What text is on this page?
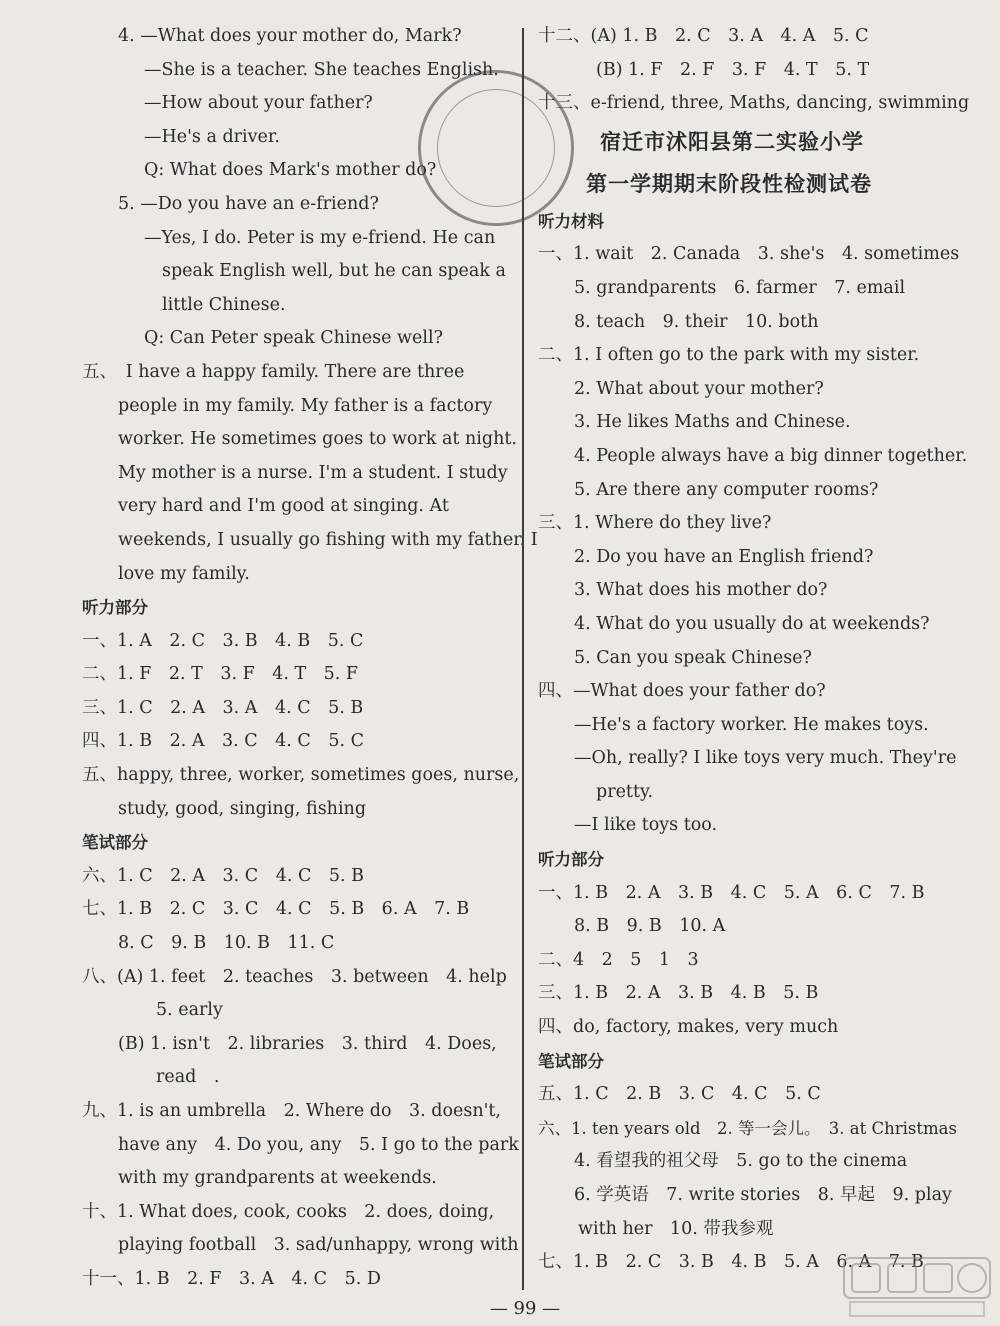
4. —What does your mother do, Mark?
—She is a teacher. She teaches English.
—How about your father?
—He's a driver.
Q: What does Mark's mother do?
5. —Do you have an e-friend?
—Yes, I do. Peter is my e-friend. He can
speak English well, but he can speak a
little Chinese.
Q: Can Peter speak Chinese well?
五、　I have a happy family. There are three
people in my family. My father is a factory
worker. He sometimes goes to work at night.
My mother is a nurse. I'm a student. I study
very hard and I'm good at singing. At
weekends, I usually go fishing with my father. I
love my family.
听力部分
一、1. A　2. C　3. B　4. B　5. C
二、1. F　2. T　3. F　4. T　5. F
三、1. C　2. A　3. A　4. C　5. B
四、1. B　2. A　3. C　4. C　5. C
五、happy, three, worker, sometimes goes, nurse,
study, good, singing, fishing
笔试部分
六、1. C　2. A　3. C　4. C　5. B
七、1. B　2. C　3. C　4. C　5. B　6. A　7. B
8. C　9. B　10. B　11. C
八、(A) 1. feet　2. teaches　3. between　4. help
5. early
(B) 1. isn't　2. libraries　3. third　4. Does,
read　.
九、1. is an umbrella　2. Where do　3. doesn't,
have any　4. Do you, any　5. I go to the park
with my grandparents at weekends.
十、1. What does, cook, cooks　2. does, doing,
playing football　3. sad/unhappy, wrong with
十一、1. B　2. F　3. A　4. C　5. D
十二、(A) 1. B　2. C　3. A　4. A　5. C
(B) 1. F　2. F　3. F　4. T　5. T
十三、e-friend, three, Maths, dancing, swimming
宿迁市沭阳县第二实验小学
第一学期期末阶段性检测试卷
听力材料
一、1. wait　2. Canada　3. she's　4. sometimes
5. grandparents　6. farmer　7. email
8. teach　9. their　10. both
二、1. I often go to the park with my sister.
2. What about your mother?
3. He likes Maths and Chinese.
4. People always have a big dinner together.
5. Are there any computer rooms?
三、1. Where do they live?
2. Do you have an English friend?
3. What does his mother do?
4. What do you usually do at weekends?
5. Can you speak Chinese?
四、—What does your father do?
—He's a factory worker. He makes toys.
—Oh, really? I like toys very much. They're
pretty.
—I like toys too.
听力部分
一、1. B　2. A　3. B　4. C　5. A　6. C　7. B
8. B　9. B　10. A
二、4　2　5　1　3
三、1. B　2. A　3. B　4. B　5. B
四、do, factory, makes, very much
笔试部分
五、1. C　2. B　3. C　4. C　5. C
六、1. ten years old　2. 等一会儿。　3. at Christmas
4. 看望我的祖父母　5. go to the cinema
6. 学英语　7. write stories　8. 早起　9. play
with her　10. 带我参观
七、1. B　2. C　3. B　4. B　5. A　6. A　7. B
— 99 —
